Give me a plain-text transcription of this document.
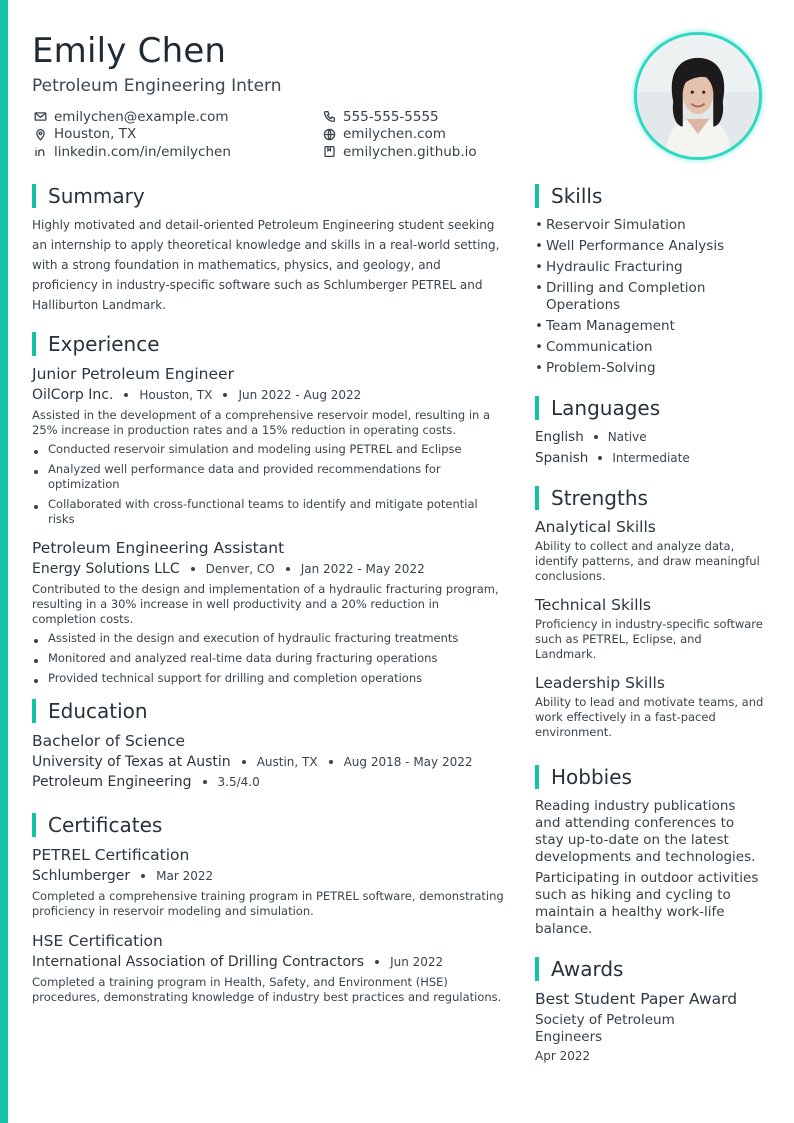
Emily Chen
Petroleum Engineering Intern
emilychen@example.com	555-555-5555
Houston, TX	emilychen.com
linkedin.com/in/emilychen	emilychen.github.io
Summary

Highly motivated and detail-oriented Petroleum Engineering student seeking an internship to apply theoretical knowledge and skills in a real-world setting, with a strong foundation in mathematics, physics, and geology, and proficiency in industry-specific software such as Schlumberger PETREL and Halliburton Landmark.

Experience
Junior Petroleum Engineer
OilCorp Inc. Houston, TX Jun 2022 - Aug 2022

Assisted in the development of a comprehensive reservoir model, resulting in a 25% increase in production rates and a 15% reduction in operating costs.

Conducted reservoir simulation and modeling using PETREL and Eclipse
Analyzed well performance data and provided recommendations for optimization
Collaborated with cross-functional teams to identify and mitigate potential risks
Petroleum Engineering Assistant
Energy Solutions LLC Denver, CO Jan 2022 - May 2022

Contributed to the design and implementation of a hydraulic fracturing program, resulting in a 30% increase in well productivity and a 20% reduction in completion costs.

Assisted in the design and execution of hydraulic fracturing treatments
Monitored and analyzed real-time data during fracturing operations
Provided technical support for drilling and completion operations
Education
Bachelor of Science
University of Texas at Austin Austin, TX Aug 2018 - May 2022
Petroleum Engineering 3.5/4.0
Certificates
PETREL Certification
Schlumberger Mar 2022

Completed a comprehensive training program in PETREL software, demonstrating proficiency in reservoir modeling and simulation.

HSE Certification
International Association of Drilling Contractors Jun 2022

Completed a training program in Health, Safety, and Environment (HSE) procedures, demonstrating knowledge of industry best practices and regulations.

Skills
• Reservoir Simulation
• Well Performance Analysis
• Hydraulic Fracturing
• Drilling and Completion Operations
• Team Management
• Communication
• Problem-Solving
Languages
English Native
Spanish Intermediate
Strengths
Analytical Skills

Ability to collect and analyze data, identify patterns, and draw meaningful conclusions.

Technical Skills

Proficiency in industry-specific software such as PETREL, Eclipse, and Landmark.

Leadership Skills

Ability to lead and motivate teams, and work effectively in a fast-paced environment.

Hobbies

Reading industry publications and attending conferences to stay up-to-date on the latest developments and technologies.

Participating in outdoor activities such as hiking and cycling to maintain a healthy work-life balance.

Awards
Best Student Paper Award
Society of Petroleum Engineers
Apr 2022
